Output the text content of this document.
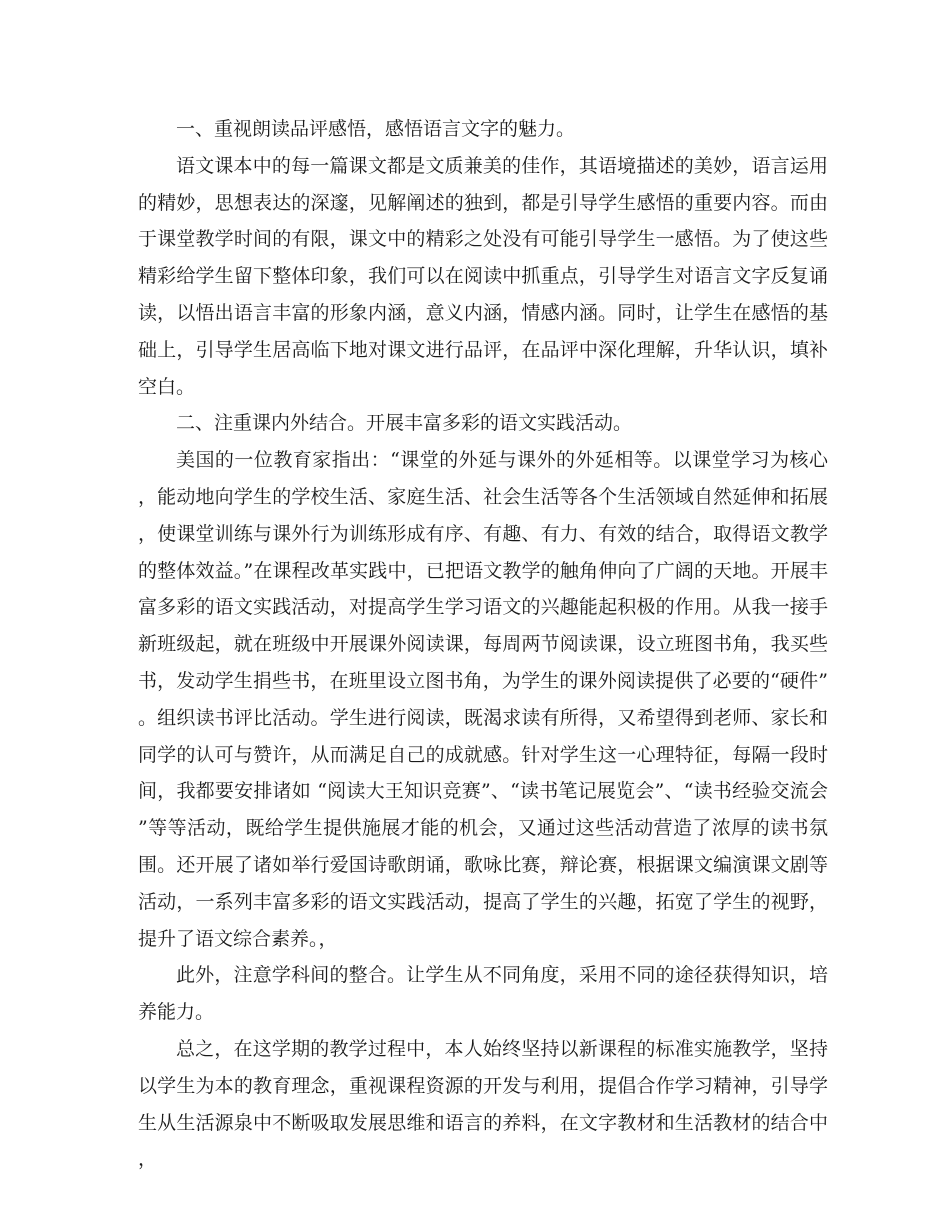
一、重视朗读品评感悟，感悟语言文字的魅力。

语文课本中的每一篇课文都是文质兼美的佳作，其语境描述的美妙，语言运用的精妙，思想表达的深邃，见解阐述的独到，都是引导学生感悟的重要内容。而由于课堂教学时间的有限，课文中的精彩之处没有可能引导学生一感悟。为了使这些精彩给学生留下整体印象，我们可以在阅读中抓重点，引导学生对语言文字反复诵读，以悟出语言丰富的形象内涵，意义内涵，情感内涵。同时，让学生在感悟的基础上，引导学生居高临下地对课文进行品评，在品评中深化理解，升华认识，填补空白。

二、注重课内外结合。开展丰富多彩的语文实践活动。

美国的一位教育家指出：“课堂的外延与课外的外延相等。以课堂学习为核心，能动地向学生的学校生活、家庭生活、社会生活等各个生活领域自然延伸和拓展，使课堂训练与课外行为训练形成有序、有趣、有力、有效的结合，取得语文教学的整体效益。”在课程改革实践中，已把语文教学的触角伸向了广阔的天地。开展丰富多彩的语文实践活动，对提高学生学习语文的兴趣能起积极的作用。从我一接手新班级起，就在班级中开展课外阅读课，每周两节阅读课，设立班图书角，我买些书，发动学生捐些书，在班里设立图书角，为学生的课外阅读提供了必要的“硬件”。组织读书评比活动。学生进行阅读，既渴求读有所得，又希望得到老师、家长和同学的认可与赞许，从而满足自己的成就感。针对学生这一心理特征，每隔一段时间，我都要安排诸如 “阅读大王知识竞赛”、“读书笔记展览会”、“读书经验交流会”等等活动，既给学生提供施展才能的机会，又通过这些活动营造了浓厚的读书氛围。还开展了诸如举行爱国诗歌朗诵，歌咏比赛，辩论赛，根据课文编演课文剧等活动，一系列丰富多彩的语文实践活动，提高了学生的兴趣，拓宽了学生的视野，提升了语文综合素养。，

此外，注意学科间的整合。让学生从不同角度，采用不同的途径获得知识，培养能力。

总之，在这学期的教学过程中，本人始终坚持以新课程的标准实施教学，坚持以学生为本的教育理念，重视课程资源的开发与利用，提倡合作学习精神，引导学生从生活源泉中不断吸取发展思维和语言的养料，在文字教材和生活教材的结合中，
